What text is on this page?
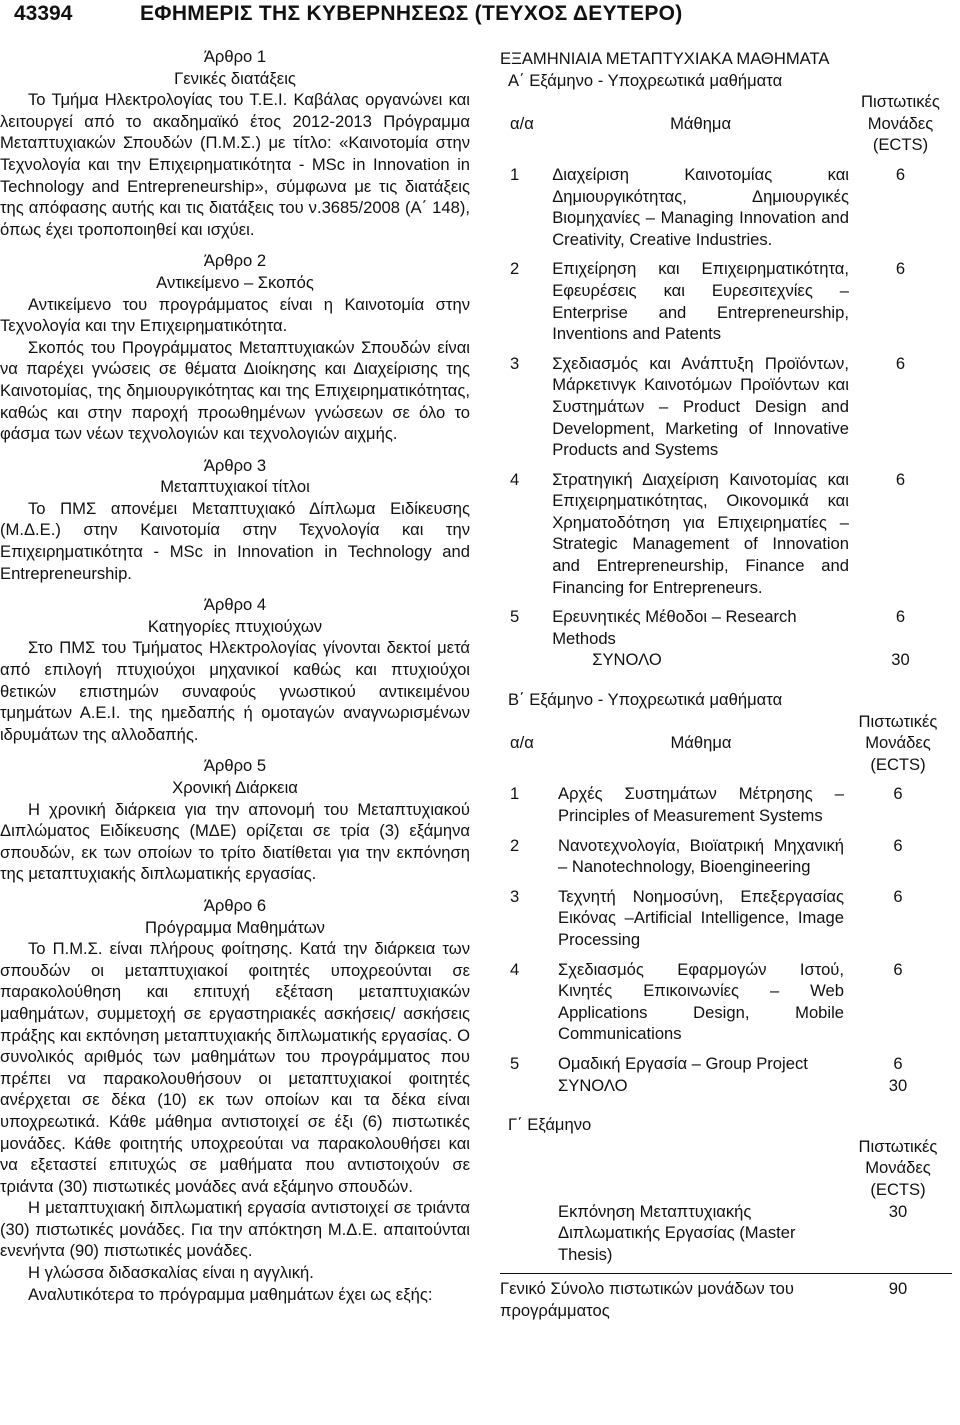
43394	ΕΦΗΜΕΡΙΣ ΤΗΣ ΚΥΒΕΡΝΗΣΕΩΣ (ΤΕΥΧΟΣ ΔΕΥΤΕΡΟ)

Άρθρο 1

Γενικές διατάξεις

Το Τμήμα Ηλεκτρολογίας του Τ.Ε.Ι. Καβάλας οργανώνει και λειτουργεί από το ακαδημαϊκό έτος 2012-2013 Πρόγραμμα Μεταπτυχιακών Σπουδών (Π.Μ.Σ.) με τίτλο: «Καινοτομία στην Τεχνολογία και την Επιχειρηματικότητα - MSc in Innovation in Technology and Entrepreneurship», σύμφωνα με τις διατάξεις της απόφασης αυτής και τις διατάξεις του ν.3685/2008 (Α΄ 148), όπως έχει τροποποιηθεί και ισχύει.

Άρθρο 2

Αντικείμενο – Σκοπός

Αντικείμενο του προγράμματος είναι η Καινοτομία στην Τεχνολογία και την Επιχειρηματικότητα.

Σκοπός του Προγράμματος Μεταπτυχιακών Σπουδών είναι να παρέχει γνώσεις σε θέματα Διοίκησης και Διαχείρισης της Καινοτομίας, της δημιουργικότητας και της Επιχειρηματικότητας, καθώς και στην παροχή προωθημένων γνώσεων σε όλο το φάσμα των νέων τεχνολογιών και τεχνολογιών αιχμής.

Άρθρο 3

Μεταπτυχιακοί τίτλοι

Το ΠΜΣ απονέμει Μεταπτυχιακό Δίπλωμα Ειδίκευσης (Μ.Δ.Ε.) στην Καινοτομία στην Τεχνολογία και την Επιχειρηματικότητα - MSc in Innovation in Technology and Entrepreneurship.

Άρθρο 4

Κατηγορίες πτυχιούχων

Στο ΠΜΣ του Τμήματος Ηλεκτρολογίας γίνονται δεκτοί μετά από επιλογή πτυχιούχοι μηχανικοί καθώς και πτυχιούχοι θετικών επιστημών συναφούς γνωστικού αντικειμένου τμημάτων Α.Ε.Ι. της ημεδαπής ή ομοταγών αναγνωρισμένων ιδρυμάτων της αλλοδαπής.

Άρθρο 5

Χρονική Διάρκεια

Η χρονική διάρκεια για την απονομή του Μεταπτυχιακού Διπλώματος Ειδίκευσης (ΜΔΕ) ορίζεται σε τρία (3) εξάμηνα σπουδών, εκ των οποίων το τρίτο διατίθεται για την εκπόνηση της μεταπτυχιακής διπλωματικής εργασίας.

Άρθρο 6

Πρόγραμμα Μαθημάτων

Το Π.Μ.Σ. είναι πλήρους φοίτησης. Κατά την διάρκεια των σπουδών οι μεταπτυχιακοί φοιτητές υποχρεούνται σε παρακολούθηση και επιτυχή εξέταση μεταπτυχιακών μαθημάτων, συμμετοχή σε εργαστηριακές ασκήσεις/ ασκήσεις πράξης και εκπόνηση μεταπτυχιακής διπλωματικής εργασίας. Ο συνολικός αριθμός των μαθημάτων του προγράμματος που πρέπει να παρακολουθήσουν οι μεταπτυχιακοί φοιτητές ανέρχεται σε δέκα (10) εκ των οποίων και τα δέκα είναι υποχρεωτικά. Κάθε μάθημα αντιστοιχεί σε έξι (6) πιστωτικές μονάδες. Κάθε φοιτητής υποχρεούται να παρακολουθήσει και να εξεταστεί επιτυχώς σε μαθήματα που αντιστοιχούν σε τριάντα (30) πιστωτικές μονάδες ανά εξάμηνο σπουδών.

Η μεταπτυχιακή διπλωματική εργασία αντιστοιχεί σε τριάντα (30) πιστωτικές μονάδες. Για την απόκτηση Μ.Δ.Ε. απαιτούνται ενενήντα (90) πιστωτικές μονάδες.

Η γλώσσα διδασκαλίας είναι η αγγλική.

Αναλυτικότερα το πρόγραμμα μαθημάτων έχει ως εξής:

ΕΞΑΜΗΝΙΑΙΑ ΜΕΤΑΠΤΥΧΙΑΚΑ ΜΑΘΗΜΑΤΑ

Α΄ Εξάμηνο - Υποχρεωτικά μαθήματα

α/α	Μάθημα	Πιστωτικές Μονάδες (ECTS)

1	Διαχείριση Καινοτομίας και Δημιουργικότητας, Δημιουργικές Βιομηχανίες – Managing Innovation and Creativity, Creative Industries.	6

2	Επιχείρηση και Επιχειρηματικότητα, Εφευρέσεις και Ευρεσιτεχνίες – Enterprise and Entrepreneurship, Inventions and Patents	6

3	Σχεδιασμός και Ανάπτυξη Προϊόντων, Μάρκετινγκ Καινοτόμων Προϊόντων και Συστημάτων – Product Design and Development, Marketing of Innovative Products and Systems	6

4	Στρατηγική Διαχείριση Καινοτομίας και Επιχειρηματικότητας, Οικονομικά και Χρηματοδότηση για Επιχειρηματίες – Strategic Management of Innovation and Entrepreneurship, Finance and Financing for Entrepreneurs.	6

5	Ερευνητικές Μέθοδοι – Research Methods	6
	ΣΥΝΟΛΟ	30

Β΄ Εξάμηνο - Υποχρεωτικά μαθήματα

α/α	Μάθημα	Πιστωτικές Μονάδες (ECTS)

1	Αρχές Συστημάτων Μέτρησης – Principles of Measurement Systems	6

2	Νανοτεχνολογία, Βιοϊατρική Μηχανική – Nanotechnology, Bioengineering	6

3	Τεχνητή Νοημοσύνη, Επεξεργασίας Εικόνας –Artificial Intelligence, Image Processing	6

4	Σχεδιασμός Εφαρμογών Ιστού, Κινητές Επικοινωνίες – Web Applications Design, Mobile Communications	6

5	Ομαδική Εργασία – Group Project	6
	ΣΥΝΟΛΟ	30

Γ΄ Εξάμηνο

		Πιστωτικές Μονάδες (ECTS)
	Εκπόνηση Μεταπτυχιακής Διπλωματικής Εργασίας (Master Thesis)	30

Γενικό Σύνολο πιστωτικών μονάδων του προγράμματος		90
